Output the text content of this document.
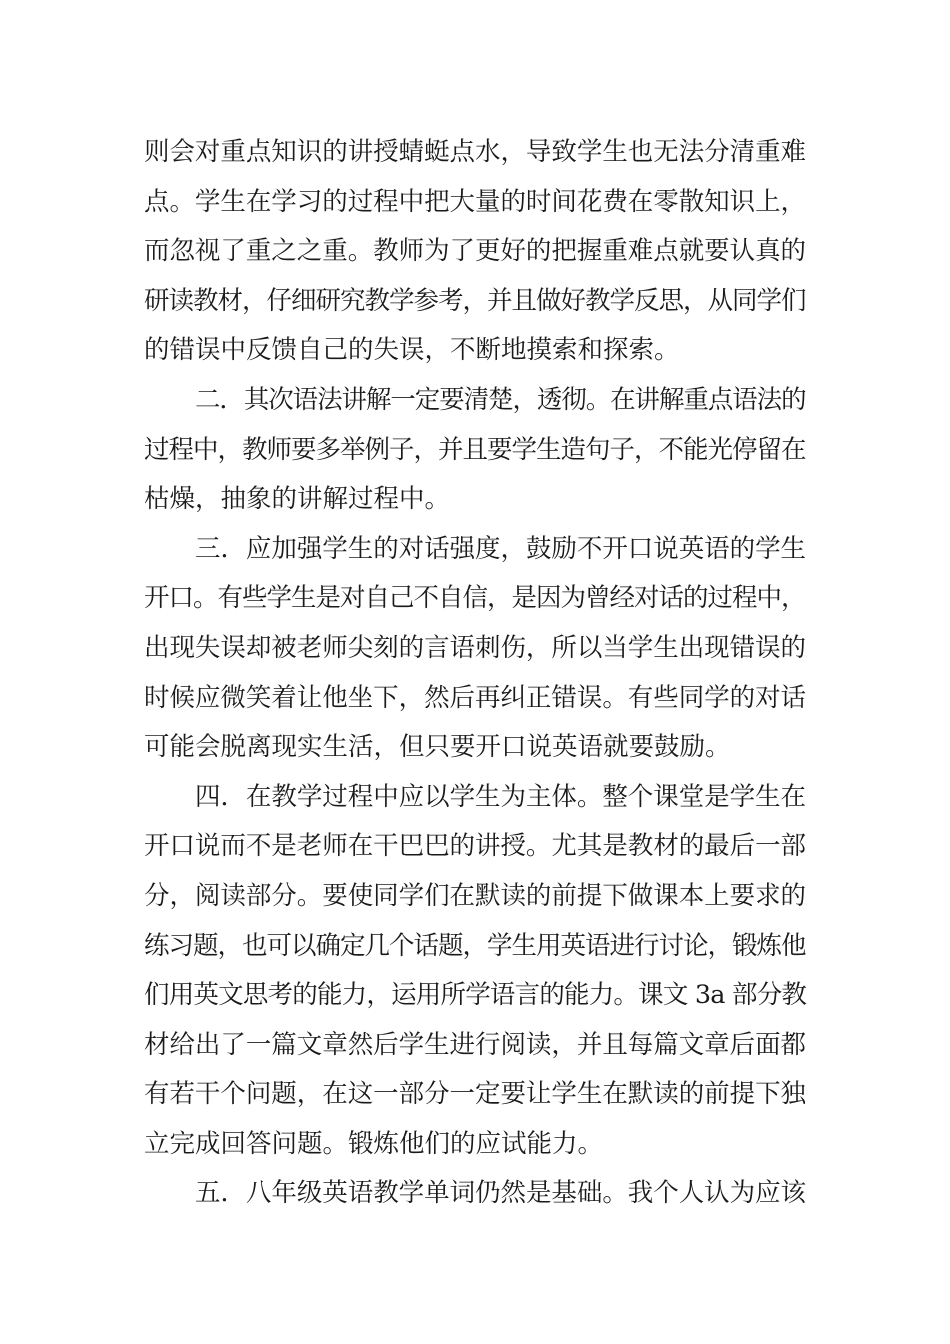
则会对重点知识的讲授蜻蜓点水，导致学生也无法分清重难
点。学生在学习的过程中把大量的时间花费在零散知识上，
而忽视了重之之重。教师为了更好的把握重难点就要认真的
研读教材，仔细研究教学参考，并且做好教学反思，从同学们
的错误中反馈自己的失误，不断地摸索和探索。
二．其次语法讲解一定要清楚，透彻。在讲解重点语法的
过程中，教师要多举例子，并且要学生造句子，不能光停留在
枯燥，抽象的讲解过程中。
三．应加强学生的对话强度，鼓励不开口说英语的学生
开口。有些学生是对自己不自信，是因为曾经对话的过程中，
出现失误却被老师尖刻的言语刺伤，所以当学生出现错误的
时候应微笑着让他坐下，然后再纠正错误。有些同学的对话
可能会脱离现实生活，但只要开口说英语就要鼓励。
四．在教学过程中应以学生为主体。整个课堂是学生在
开口说而不是老师在干巴巴的讲授。尤其是教材的最后一部
分，阅读部分。要使同学们在默读的前提下做课本上要求的
练习题，也可以确定几个话题，学生用英语进行讨论，锻炼他
们用英文思考的能力，运用所学语言的能力。课文 3a 部分教
材给出了一篇文章然后学生进行阅读，并且每篇文章后面都
有若干个问题，在这一部分一定要让学生在默读的前提下独
立完成回答问题。锻炼他们的应试能力。
五．八年级英语教学单词仍然是基础。我个人认为应该
